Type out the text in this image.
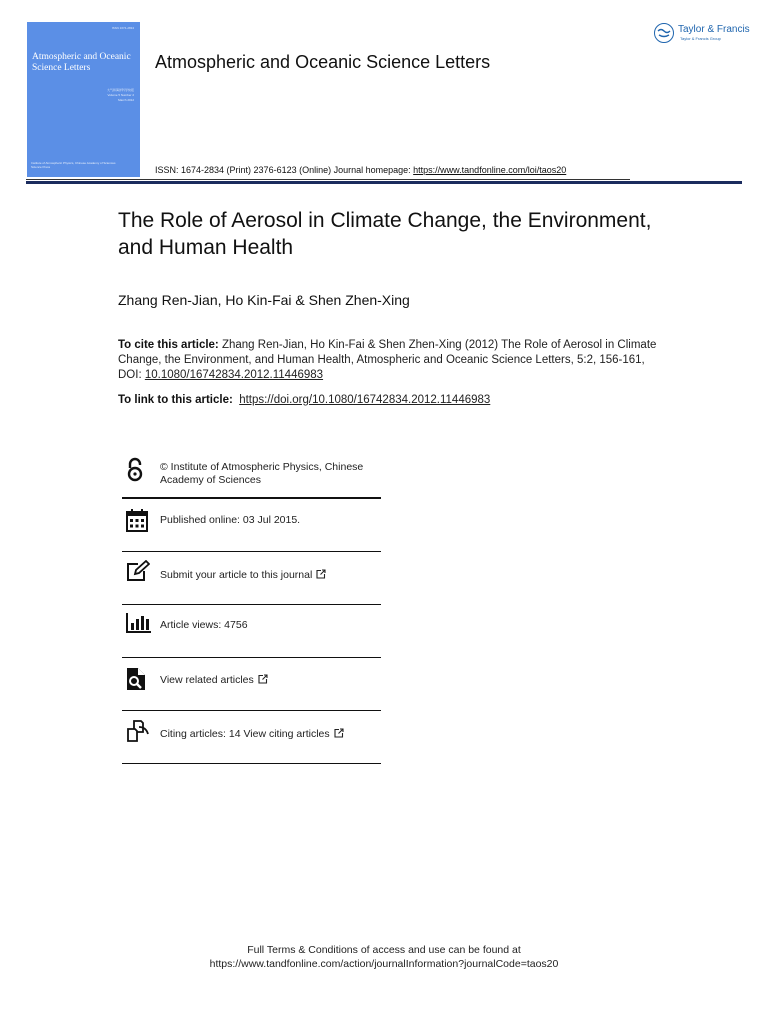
ISSN 1674-2834
Atmospheric and Oceanic Science Letters
大气和海洋科学快报
Volume 5 Number 2
March 2012
Institute of Atmospheric Physics, Chinese Academy of Sciences
Science Press
Atmospheric and Oceanic Science Letters
Taylor & Francis
Taylor & Francis Group
ISSN: 1674-2834 (Print) 2376-6123 (Online) Journal homepage: https://www.tandfonline.com/loi/taos20
The Role of Aerosol in Climate Change, the Environment, and Human Health
Zhang Ren-Jian, Ho Kin-Fai & Shen Zhen-Xing
To cite this article: Zhang Ren-Jian, Ho Kin-Fai & Shen Zhen-Xing (2012) The Role of Aerosol in Climate Change, the Environment, and Human Health, Atmospheric and Oceanic Science Letters, 5:2, 156-161, DOI: 10.1080/16742834.2012.11446983
To link to this article: https://doi.org/10.1080/16742834.2012.11446983
© Institute of Atmospheric Physics, Chinese Academy of Sciences
Published online: 03 Jul 2015.
Submit your article to this journal
Article views: 4756
View related articles
Citing articles: 14 View citing articles
Full Terms & Conditions of access and use can be found at
https://www.tandfonline.com/action/journalInformation?journalCode=taos20
